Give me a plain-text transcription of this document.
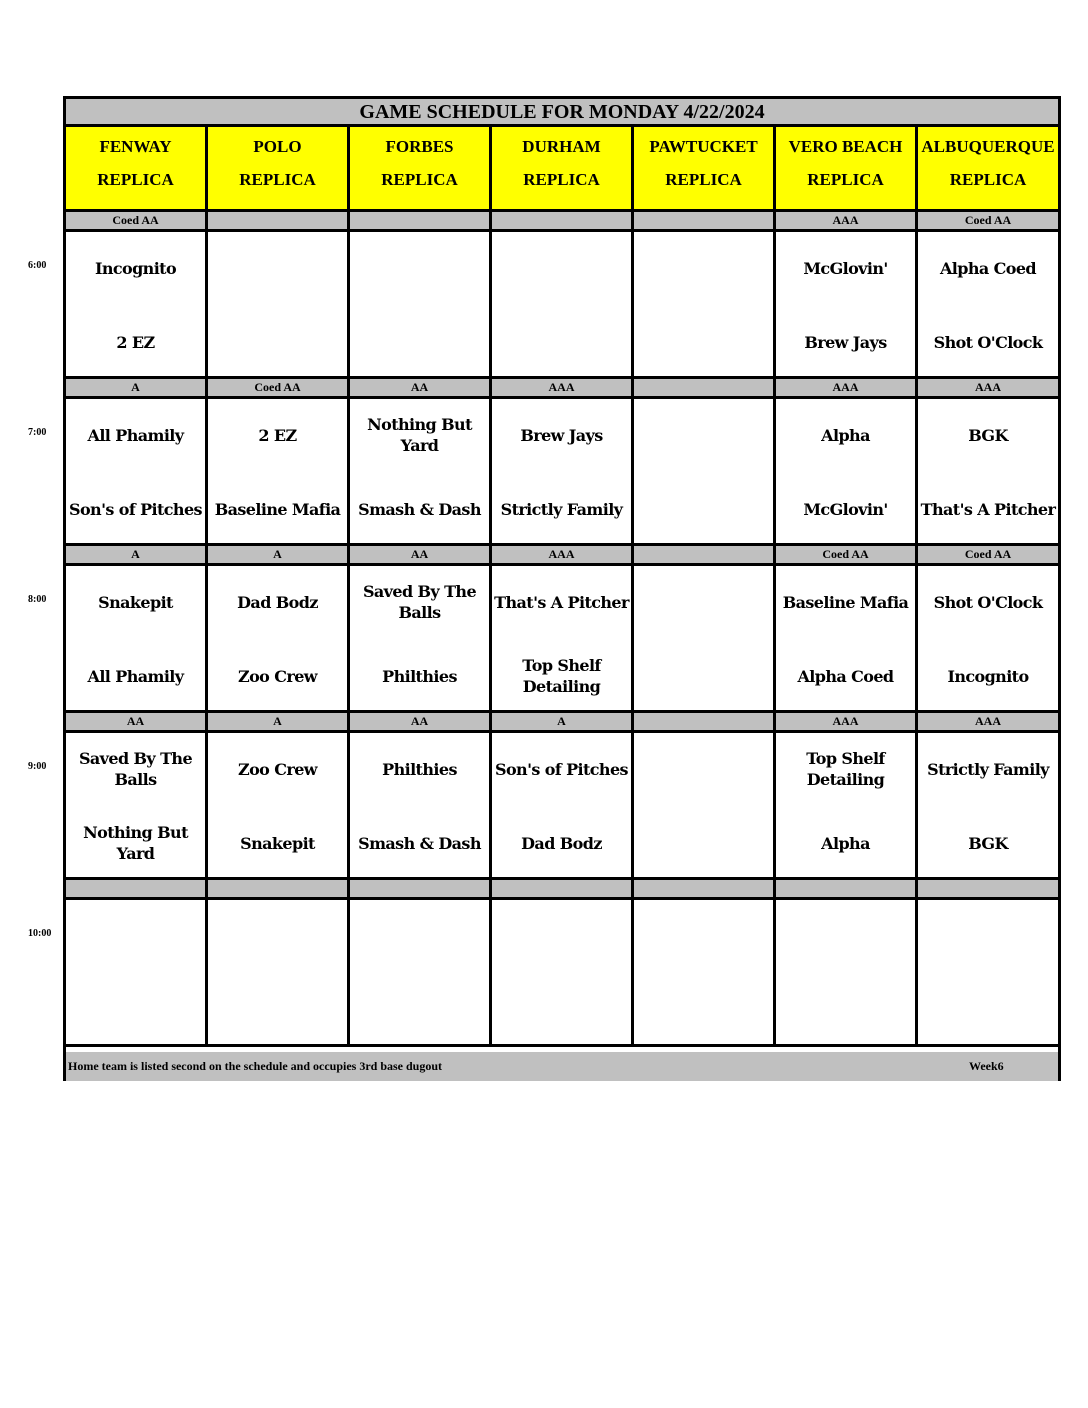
GAME SCHEDULE FOR MONDAY 4/22/2024
Home team is listed second on the schedule and occupies 3rd base dugout	Week6
FENWAY
REPLICA
POLO
REPLICA
FORBES
REPLICA
DURHAM
REPLICA
PAWTUCKET
REPLICA
VERO BEACH
REPLICA
ALBUQUERQUE
REPLICA
Coed AA
Incognito
2 EZ
AAA
McGlovin'
Brew Jays
Coed AA
Alpha Coed
Shot O'Clock
A
All Phamily
Son's of Pitches
Coed AA
2 EZ
Baseline Mafia
AA
Nothing But Yard
Smash & Dash
AAA
Brew Jays
Strictly Family
AAA
Alpha
McGlovin'
AAA
BGK
That's A Pitcher
A
Snakepit
All Phamily
A
Dad Bodz
Zoo Crew
AA
Saved By The Balls
Philthies
AAA
That's A Pitcher
Top Shelf Detailing
Coed AA
Baseline Mafia
Alpha Coed
Coed AA
Shot O'Clock
Incognito
AA
Saved By The Balls
Nothing But Yard
A
Zoo Crew
Snakepit
AA
Philthies
Smash & Dash
A
Son's of Pitches
Dad Bodz
AAA
Top Shelf Detailing
Alpha
AAA
Strictly Family
BGK
6:00
7:00
8:00
9:00
10:00
